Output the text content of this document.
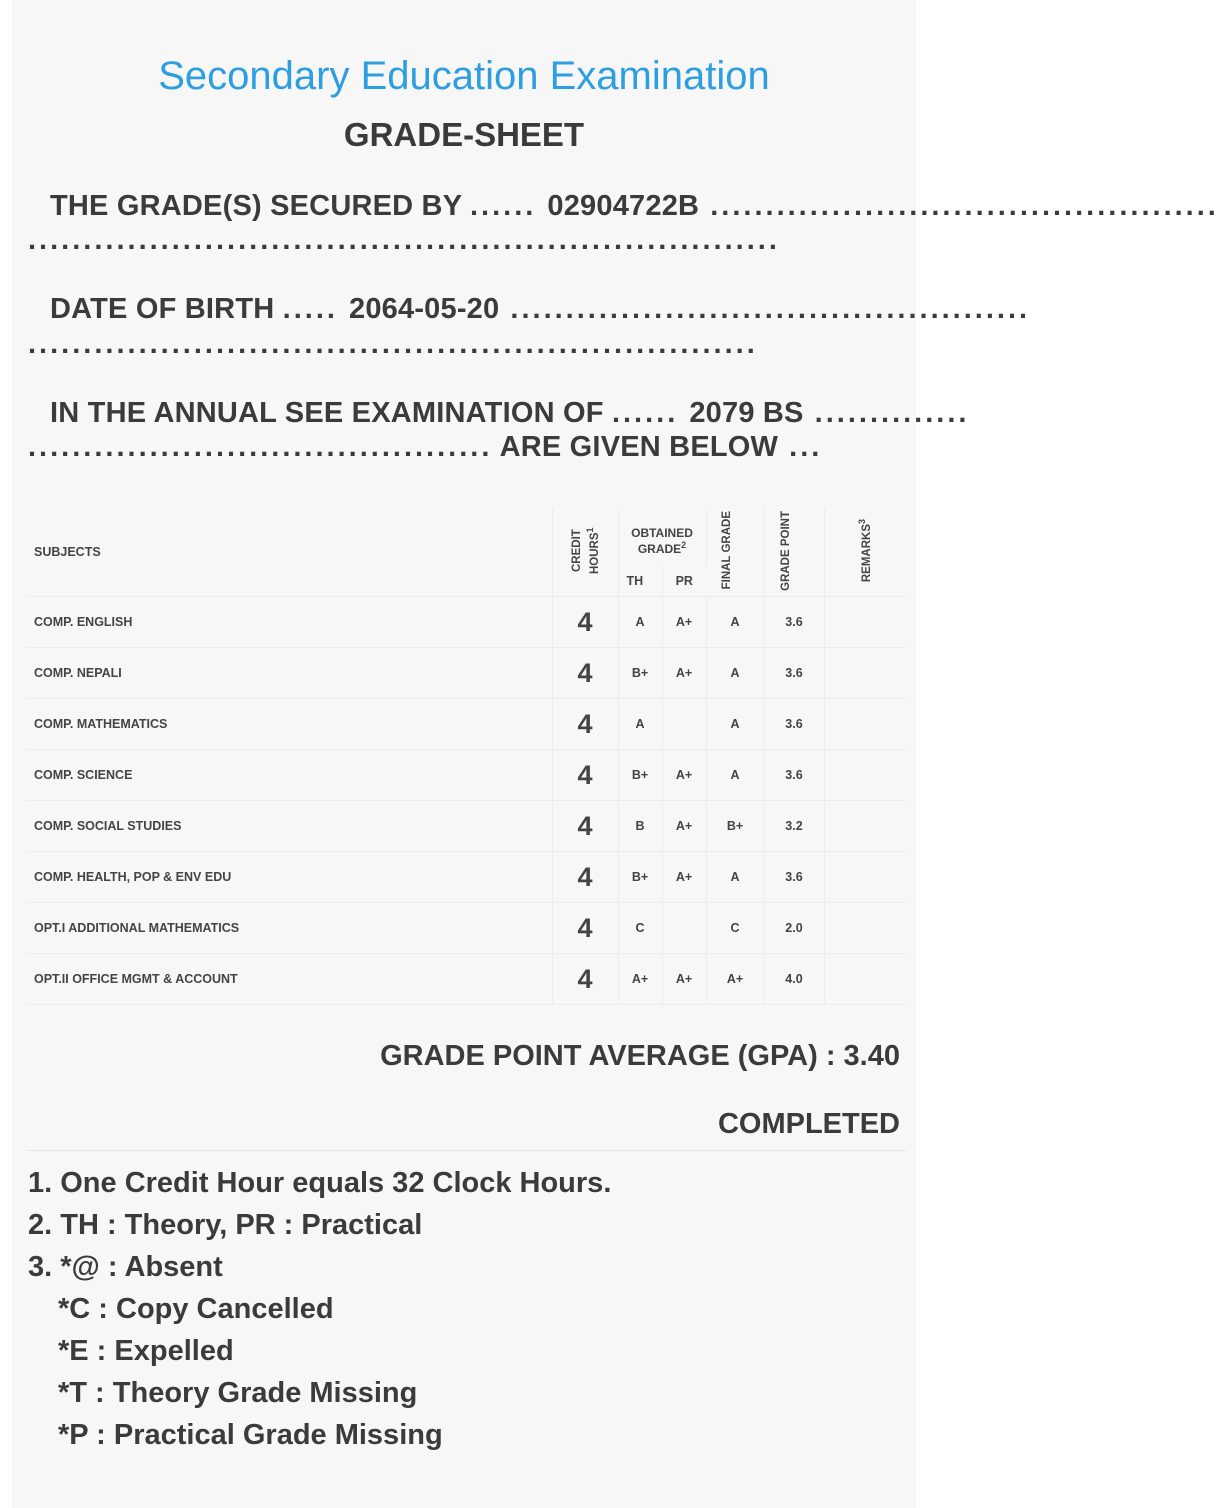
Secondary Education Examination
GRADE-SHEET
THE GRADE(S) SECURED BY ...... 02904722B ..............................................
....................................................................
DATE OF BIRTH ..... 2064-05-20 ...............................................
..................................................................
IN THE ANNUAL SEE EXAMINATION OF ...... 2079 BS ..............
.......................................... ARE GIVEN BELOW ...
SUBJECTS	CREDIT HOURS$^1$	OBTAINED GRADE$^2$		FINAL GRADE	GRADE POINT	REMARKS$^3$
		TH	PR			
COMP. ENGLISH	4	A	A+	A	3.6	
COMP. NEPALI	4	B+	A+	A	3.6	
COMP. MATHEMATICS	4	A		A	3.6	
COMP. SCIENCE	4	B+	A+	A	3.6	
COMP. SOCIAL STUDIES	4	B	A+	B+	3.2	
COMP. HEALTH, POP & ENV EDU	4	B+	A+	A	3.6	
OPT.I ADDITIONAL MATHEMATICS	4	C		C	2.0	
OPT.II OFFICE MGMT & ACCOUNT	4	A+	A+	A+	4.0	
GRADE POINT AVERAGE (GPA) : 3.40
COMPLETED
1. One Credit Hour equals 32 Clock Hours.
2. TH : Theory, PR : Practical
3. *@ : Absent
*C : Copy Cancelled
*E : Expelled
*T : Theory Grade Missing
*P : Practical Grade Missing
